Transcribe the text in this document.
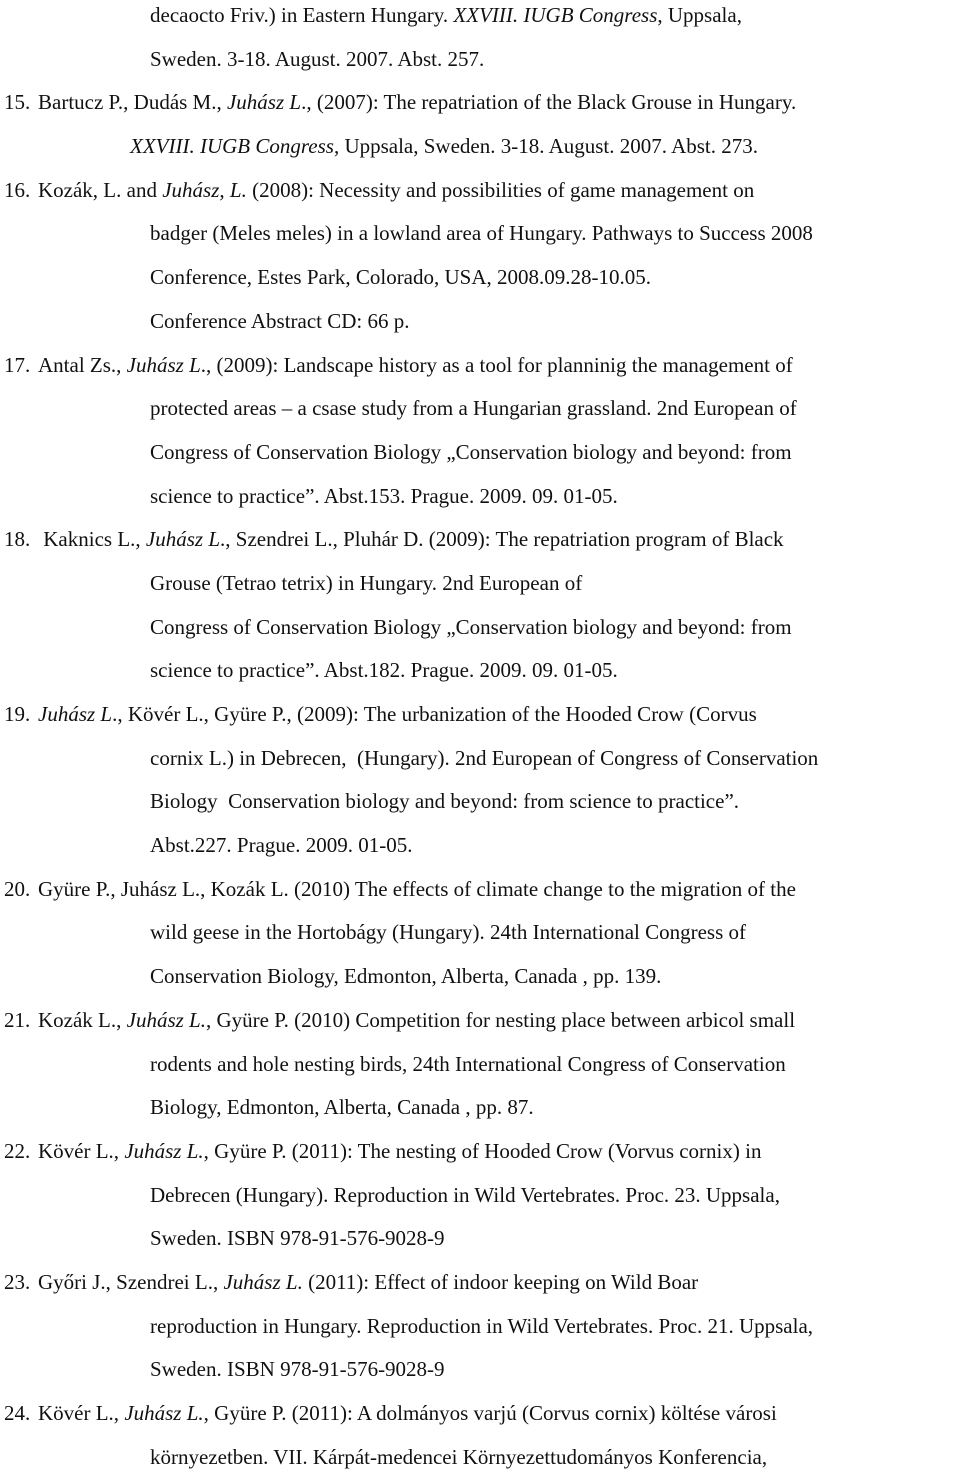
decaocto Friv.) in Eastern Hungary. XXVIII. IUGB Congress, Uppsala,
Sweden. 3-18. August. 2007. Abst. 257.
15. Bartucz P., Dudás M., Juhász L., (2007): The repatriation of the Black Grouse in Hungary.
XXVIII. IUGB Congress, Uppsala, Sweden. 3-18. August. 2007. Abst. 273.
16. Kozák, L. and Juhász, L. (2008): Necessity and possibilities of game management on
badger (Meles meles) in a lowland area of Hungary. Pathways to Success 2008
Conference, Estes Park, Colorado, USA, 2008.09.28-10.05.
Conference Abstract CD: 66 p.
17. Antal Zs., Juhász L., (2009): Landscape history as a tool for planninig the management of
protected areas – a csase study from a Hungarian grassland. 2nd European of
Congress of Conservation Biology „Conservation biology and beyond: from
science to practice”. Abst.153. Prague. 2009. 09. 01-05.
18. Kaknics L., Juhász L., Szendrei L., Pluhár D. (2009): The repatriation program of Black
Grouse (Tetrao tetrix) in Hungary. 2nd European of
Congress of Conservation Biology „Conservation biology and beyond: from
science to practice”. Abst.182. Prague. 2009. 09. 01-05.
19. Juhász L., Kövér L., Gyüre P., (2009): The urbanization of the Hooded Crow (Corvus
cornix L.) in Debrecen,  (Hungary). 2nd European of Congress of Conservation
Biology  Conservation biology and beyond: from science to practice”.
Abst.227. Prague. 2009. 01-05.
20. Gyüre P., Juhász L., Kozák L. (2010) The effects of climate change to the migration of the
wild geese in the Hortobágy (Hungary). 24th International Congress of
Conservation Biology, Edmonton, Alberta, Canada , pp. 139.
21. Kozák L., Juhász L., Gyüre P. (2010) Competition for nesting place between arbicol small
rodents and hole nesting birds, 24th International Congress of Conservation
Biology, Edmonton, Alberta, Canada , pp. 87.
22. Kövér L., Juhász L., Gyüre P. (2011): The nesting of Hooded Crow (Vorvus cornix) in
Debrecen (Hungary). Reproduction in Wild Vertebrates. Proc. 23. Uppsala,
Sweden. ISBN 978-91-576-9028-9
23. Győri J., Szendrei L., Juhász L. (2011): Effect of indoor keeping on Wild Boar
reproduction in Hungary. Reproduction in Wild Vertebrates. Proc. 21. Uppsala,
Sweden. ISBN 978-91-576-9028-9
24. Kövér L., Juhász L., Gyüre P. (2011): A dolmányos varjú (Corvus cornix) költése városi
környezetben. VII. Kárpát-medencei Környezettudományos Konferencia,
